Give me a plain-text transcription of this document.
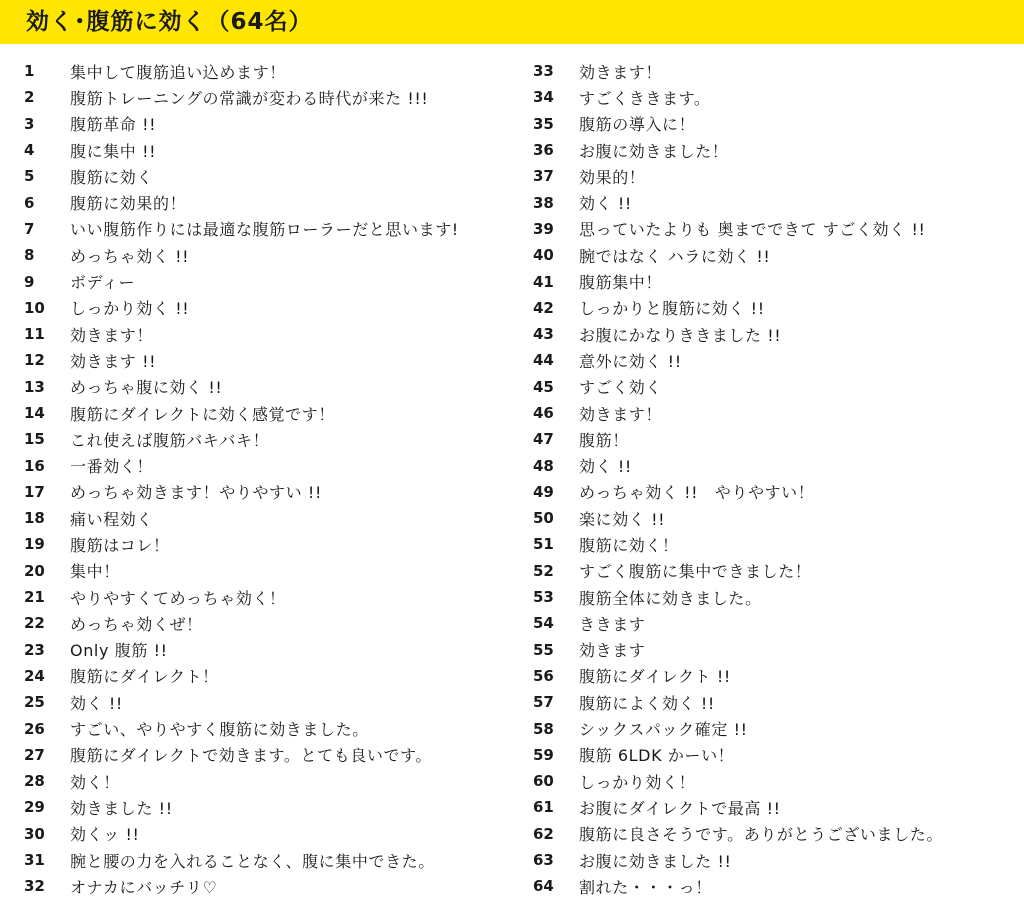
効く･腹筋に効く（64名）
1	集中して腹筋追い込めます！
2	腹筋トレーニングの常識が変わる時代が来た !!!
3	腹筋革命 !!
4	腹に集中 !!
5	腹筋に効く
6	腹筋に効果的！
7	いい腹筋作りには最適な腹筋ローラーだと思います!
8	めっちゃ効く !!
9	ボディー
10	しっかり効く !!
11	効きます！
12	効きます !!
13	めっちゃ腹に効く !!
14	腹筋にダイレクトに効く感覚です！
15	これ使えば腹筋バキバキ！
16	一番効く！
17	めっちゃ効きます！やりやすい !!
18	痛い程効く
19	腹筋はコレ！
20	集中！
21	やりやすくてめっちゃ効く！
22	めっちゃ効くぜ！
23	Only 腹筋 !!
24	腹筋にダイレクト！
25	効く !!
26	すごい、やりやすく腹筋に効きました。
27	腹筋にダイレクトで効きます。とても良いです。
28	効く！
29	効きました !!
30	効くッ !!
31	腕と腰の力を入れることなく、腹に集中できた。
32	オナカにバッチリ♡
33	効きます！
34	すごくききます。
35	腹筋の導入に！
36	お腹に効きました！
37	効果的！
38	効く !!
39	思っていたよりも 奥までできて すごく効く !!
40	腕ではなく ハラに効く !!
41	腹筋集中！
42	しっかりと腹筋に効く !!
43	お腹にかなりききました !!
44	意外に効く !!
45	すごく効く
46	効きます！
47	腹筋！
48	効く !!
49	めっちゃ効く !!　やりやすい！
50	楽に効く !!
51	腹筋に効く！
52	すごく腹筋に集中できました！
53	腹筋全体に効きました。
54	ききます
55	効きます
56	腹筋にダイレクト !!
57	腹筋によく効く !!
58	シックスパック確定 !!
59	腹筋 6LDK かーい！
60	しっかり効く！
61	お腹にダイレクトで最高 !!
62	腹筋に良さそうです。ありがとうございました。
63	お腹に効きました !!
64	割れた・・・っ！
